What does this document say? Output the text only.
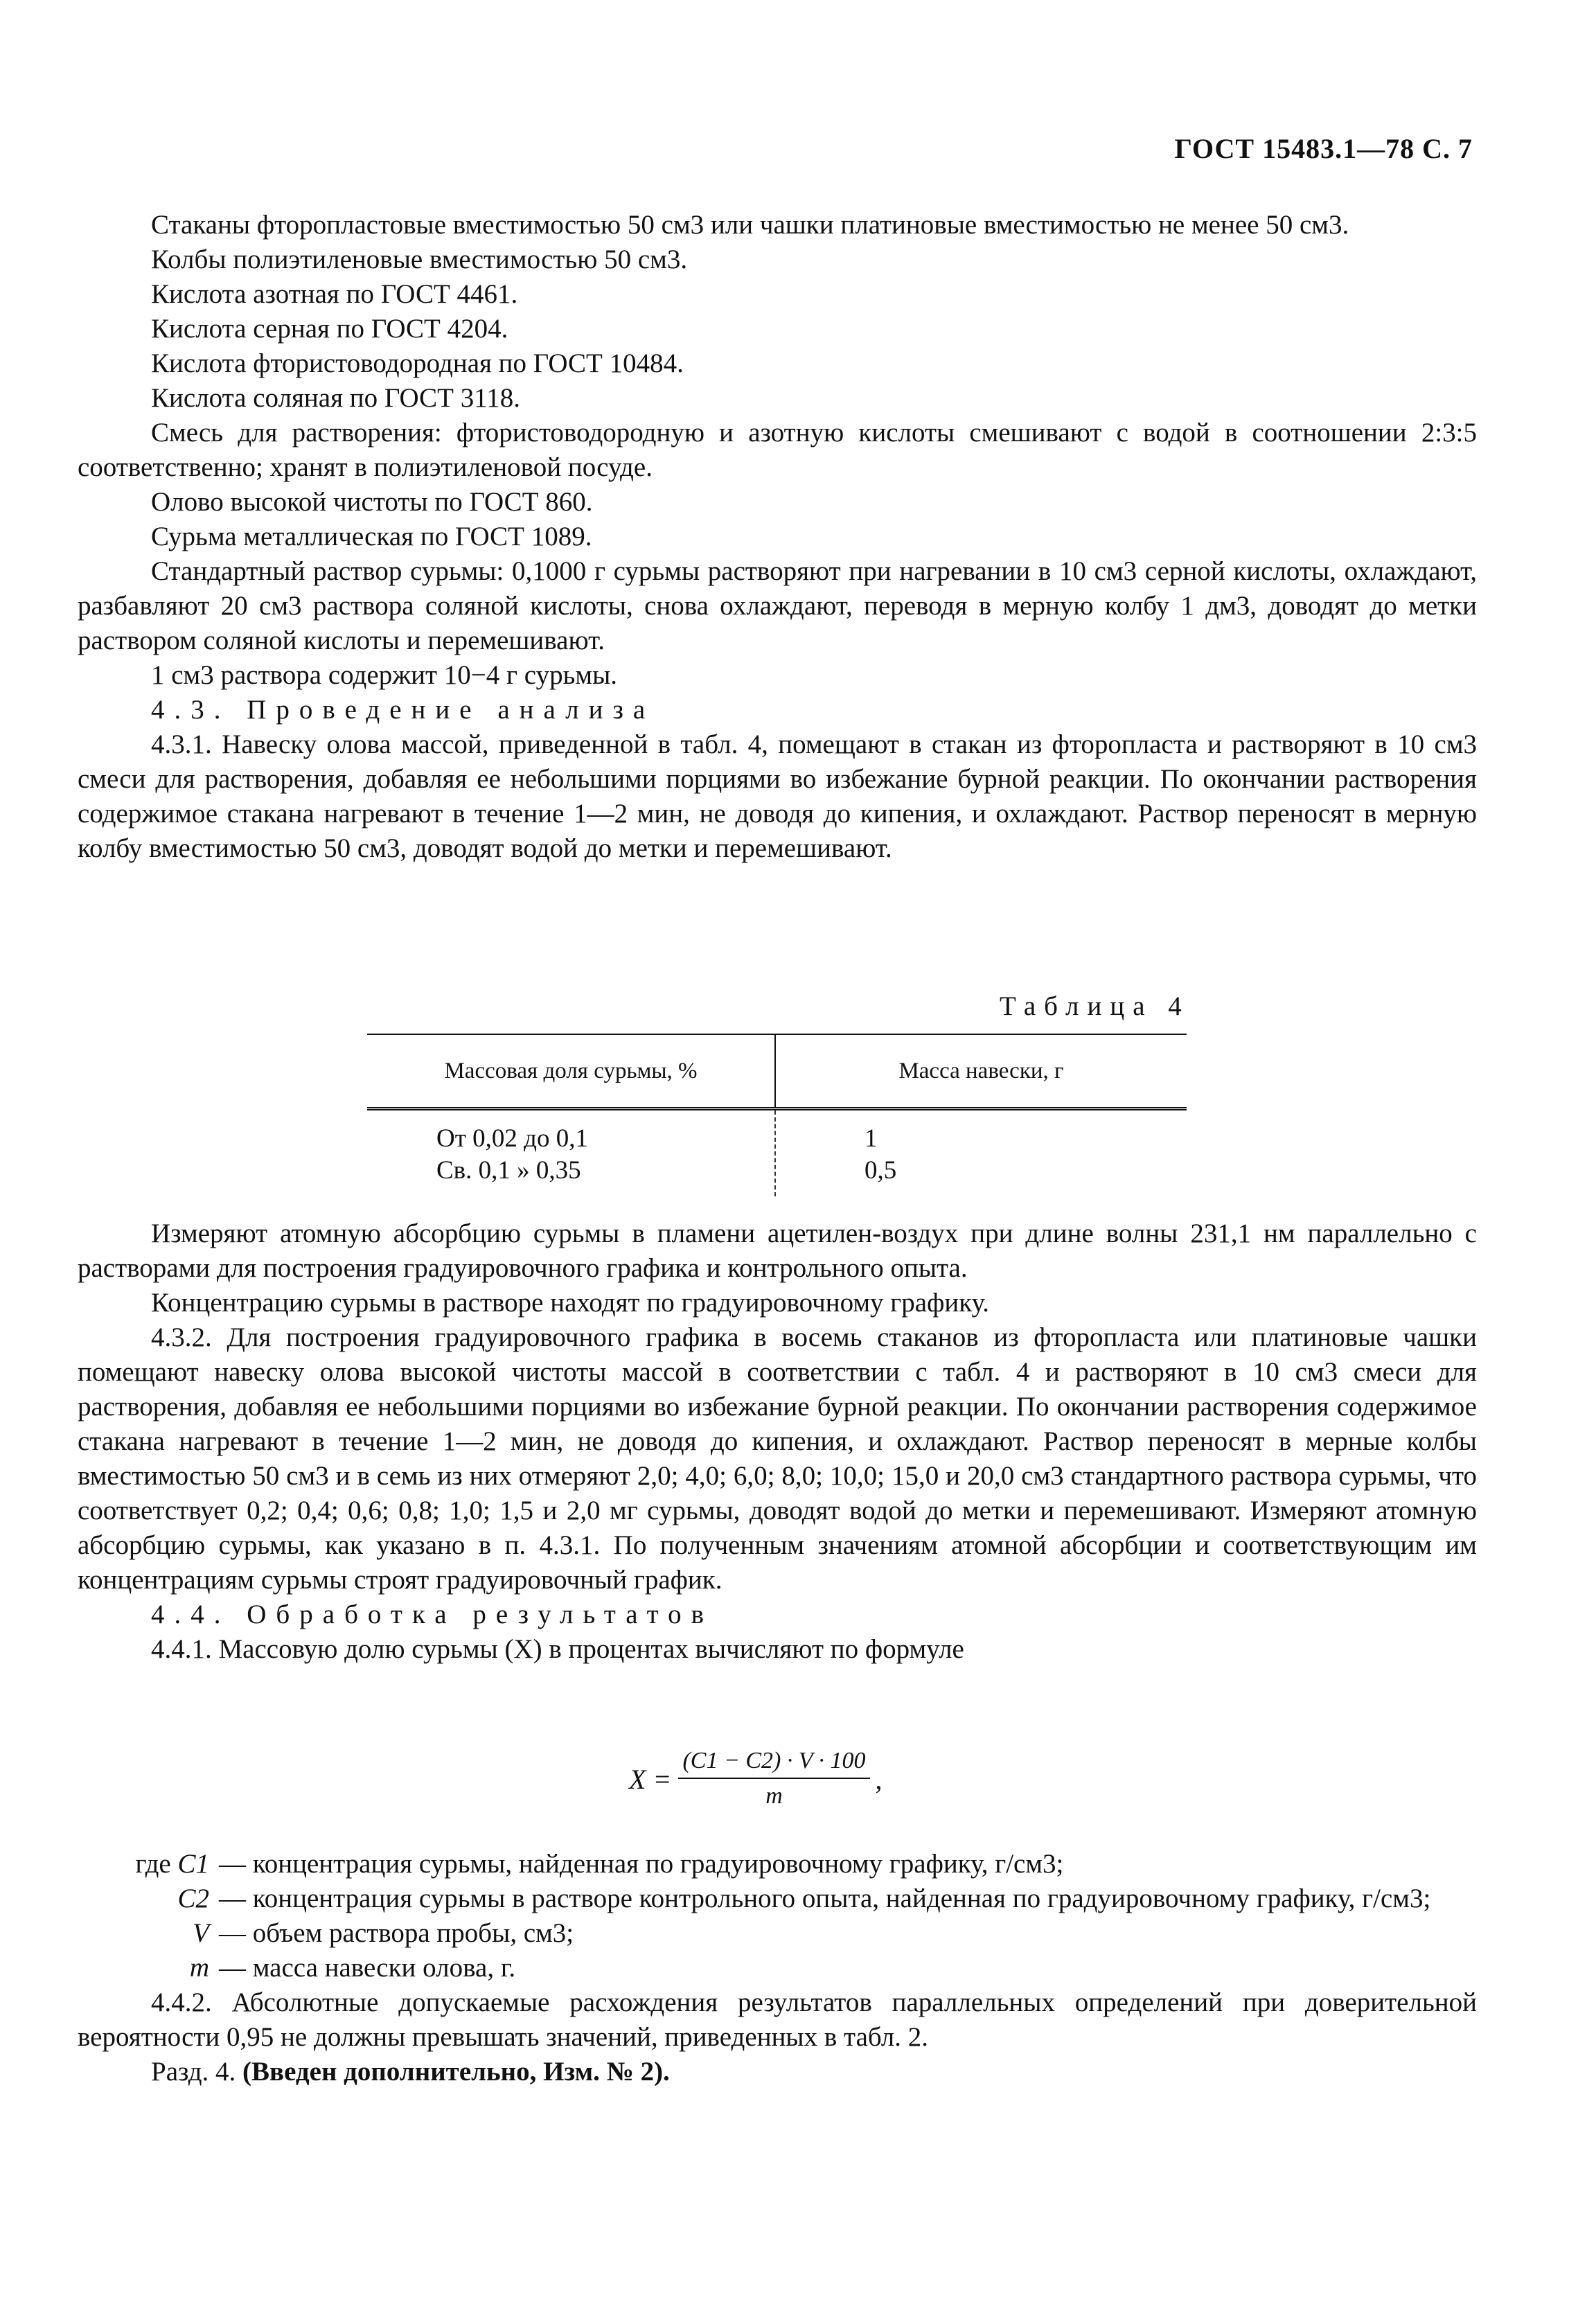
ГОСТ 15483.1—78 С. 7

Стаканы фторопластовые вместимостью 50 см3 или чашки платиновые вместимостью не менее 50 см3.

Колбы полиэтиленовые вместимостью 50 см3.

Кислота азотная по ГОСТ 4461.

Кислота серная по ГОСТ 4204.

Кислота фтористоводородная по ГОСТ 10484.

Кислота соляная по ГОСТ 3118.

Смесь для растворения: фтористоводородную и азотную кислоты смешивают с водой в соотношении 2:3:5 соответственно; хранят в полиэтиленовой посуде.

Олово высокой чистоты по ГОСТ 860.

Сурьма металлическая по ГОСТ 1089.

Стандартный раствор сурьмы: 0,1000 г сурьмы растворяют при нагревании в 10 см3 серной кислоты, охлаждают, разбавляют 20 см3 раствора соляной кислоты, снова охлаждают, переводя в мерную колбу 1 дм3, доводят до метки раствором соляной кислоты и перемешивают.

1 см3 раствора содержит 10−4 г сурьмы.

4.3. Проведение анализа

4.3.1. Навеску олова массой, приведенной в табл. 4, помещают в стакан из фторопласта и растворяют в 10 см3 смеси для растворения, добавляя ее небольшими порциями во избежание бурной реакции. По окончании растворения содержимое стакана нагревают в течение 1—2 мин, не доводя до кипения, и охлаждают. Раствор переносят в мерную колбу вместимостью 50 см3, доводят водой до метки и перемешивают.

Таблица 4
Массовая доля сурьмы, %	Масса навески, г
От 0,02 до 0,1
Св. 0,1 » 0,35
1
0,5

Измеряют атомную абсорбцию сурьмы в пламени ацетилен-воздух при длине волны 231,1 нм параллельно с растворами для построения градуировочного графика и контрольного опыта.

Концентрацию сурьмы в растворе находят по градуировочному графику.

4.3.2. Для построения градуировочного графика в восемь стаканов из фторопласта или платиновые чашки помещают навеску олова высокой чистоты массой в соответствии с табл. 4 и растворяют в 10 см3 смеси для растворения, добавляя ее небольшими порциями во избежание бурной реакции. По окончании растворения содержимое стакана нагревают в течение 1—2 мин, не доводя до кипения, и охлаждают. Раствор переносят в мерные колбы вместимостью 50 см3 и в семь из них отмеряют 2,0; 4,0; 6,0; 8,0; 10,0; 15,0 и 20,0 см3 стандартного раствора сурьмы, что соответствует 0,2; 0,4; 0,6; 0,8; 1,0; 1,5 и 2,0 мг сурьмы, доводят водой до метки и перемешивают. Измеряют атомную абсорбцию сурьмы, как указано в п. 4.3.1. По полученным значениям атомной абсорбции и соответствующим им концентрациям сурьмы строят градуировочный график.

4.4. Обработка результатов

4.4.1. Массовую долю сурьмы (X) в процентах вычисляют по формуле

$X = \frac{(C1 - C2) \cdot V \cdot 100}{m}$ ,
где C1 — концентрация сурьмы, найденная по градуировочному графику, г/см3;
C2 — концентрация сурьмы в растворе контрольного опыта, найденная по градуировочному графику, г/см3;
V — объем раствора пробы, см3;
m — масса навески олова, г.

4.4.2. Абсолютные допускаемые расхождения результатов параллельных определений при доверительной вероятности 0,95 не должны превышать значений, приведенных в табл. 2.

Разд. 4. (Введен дополнительно, Изм. № 2).
